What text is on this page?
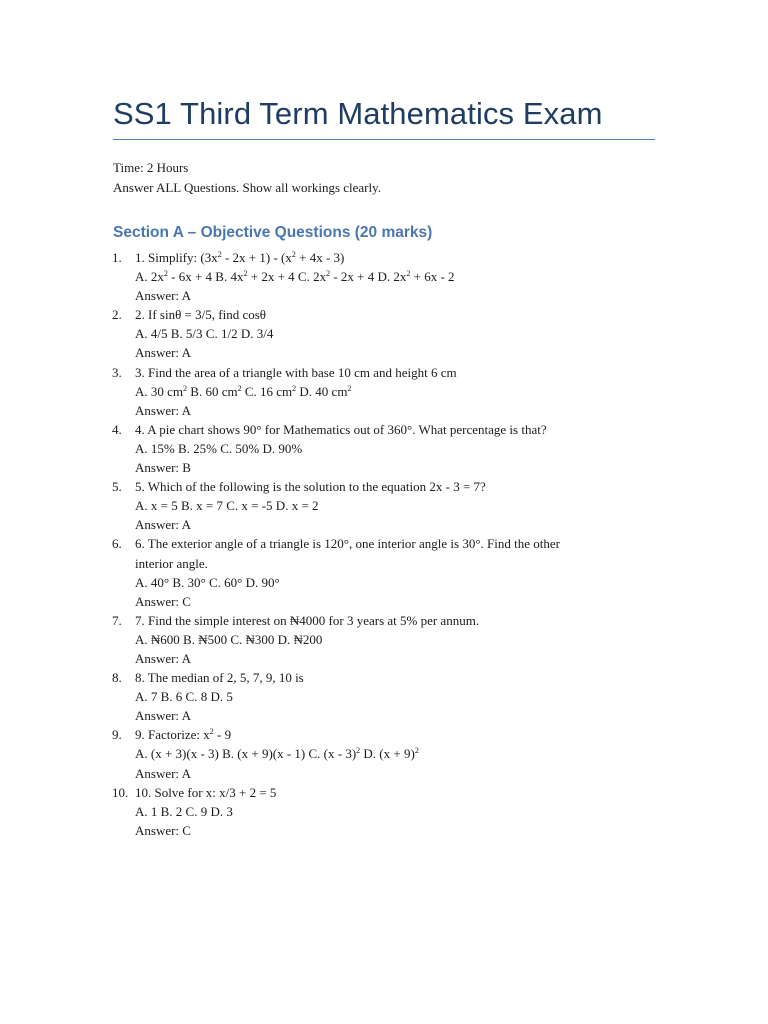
SS1 Third Term Mathematics Exam
Time: 2 Hours
Answer ALL Questions. Show all workings clearly.
Section A – Objective Questions (20 marks)
1. 1. Simplify: $(3x^2 - 2x + 1) - (x^2 + 4x - 3)$
A. $2x^2 - 6x + 4$ B. $4x^2 + 2x + 4$ C. $2x^2 - 2x + 4$ D. $2x^2 + 6x - 2$
Answer: A
2. 2. If sinθ = 3/5, find cosθ
A. 4/5 B. 5/3 C. 1/2 D. 3/4
Answer: A
3. 3. Find the area of a triangle with base 10 cm and height 6 cm
A. 30 $cm^2$ B. 60 $cm^2$ C. 16 $cm^2$ D. 40 $cm^2$
Answer: A
4. 4. A pie chart shows 90° for Mathematics out of 360°. What percentage is that?
A. 15% B. 25% C. 50% D. 90%
Answer: B
5. 5. Which of the following is the solution to the equation 2x - 3 = 7?
A. x = 5 B. x = 7 C. x = -5 D. x = 2
Answer: A
6. 6. The exterior angle of a triangle is 120°, one interior angle is 30°. Find the other
interior angle.
A. 40° B. 30° C. 60° D. 90°
Answer: C
7. 7. Find the simple interest on ₦4000 for 3 years at 5% per annum.
A. ₦600 B. ₦500 C. ₦300 D. ₦200
Answer: A
8. 8. The median of 2, 5, 7, 9, 10 is
A. 7 B. 6 C. 8 D. 5
Answer: A
9. 9. Factorize: $x^2 - 9$
A. (x + 3)(x - 3) B. (x + 9)(x - 1) C. (x - 3)$^2$ D. $(x + 9)^2$
Answer: A
10. 10. Solve for x: x/3 + 2 = 5
A. 1 B. 2 C. 9 D. 3
Answer: C
